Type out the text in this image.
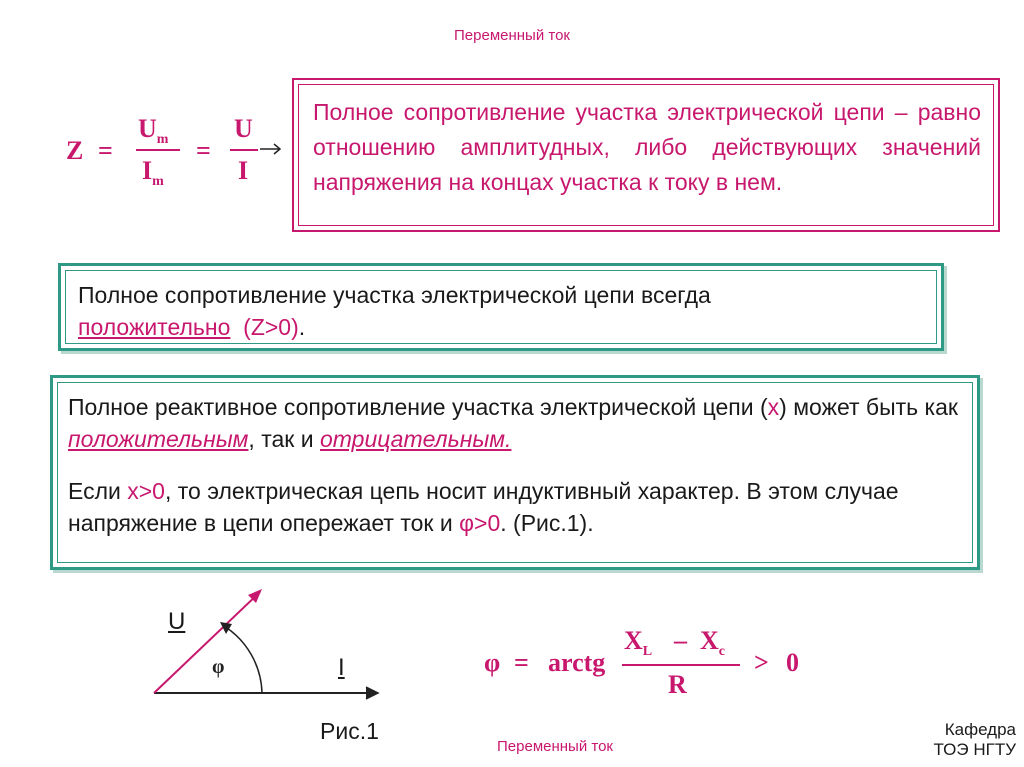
Переменный ток
Z =
$U_m$
$I_m$
=
U
I
Полное сопротивление участка электрической цепи – равно отношению амплитудных, либо действующих значений напряжения на концах участка к току в нем.
Полное сопротивление участка электрической цепи всегда
положительно (Z>0).
Полное реактивное сопротивление участка электрической цепи (x) может быть как положительным, так и отрицательным.
Если x>0, то электрическая цепь носит индуктивный характер. В этом случае напряжение в цепи опережает ток и φ>0. (Рис.1).
U
I
φ
Рис.1
φ = arctg
$X_L - X_c$
R
> 0
Переменный ток
Кафедра
ТОЭ НГТУ
